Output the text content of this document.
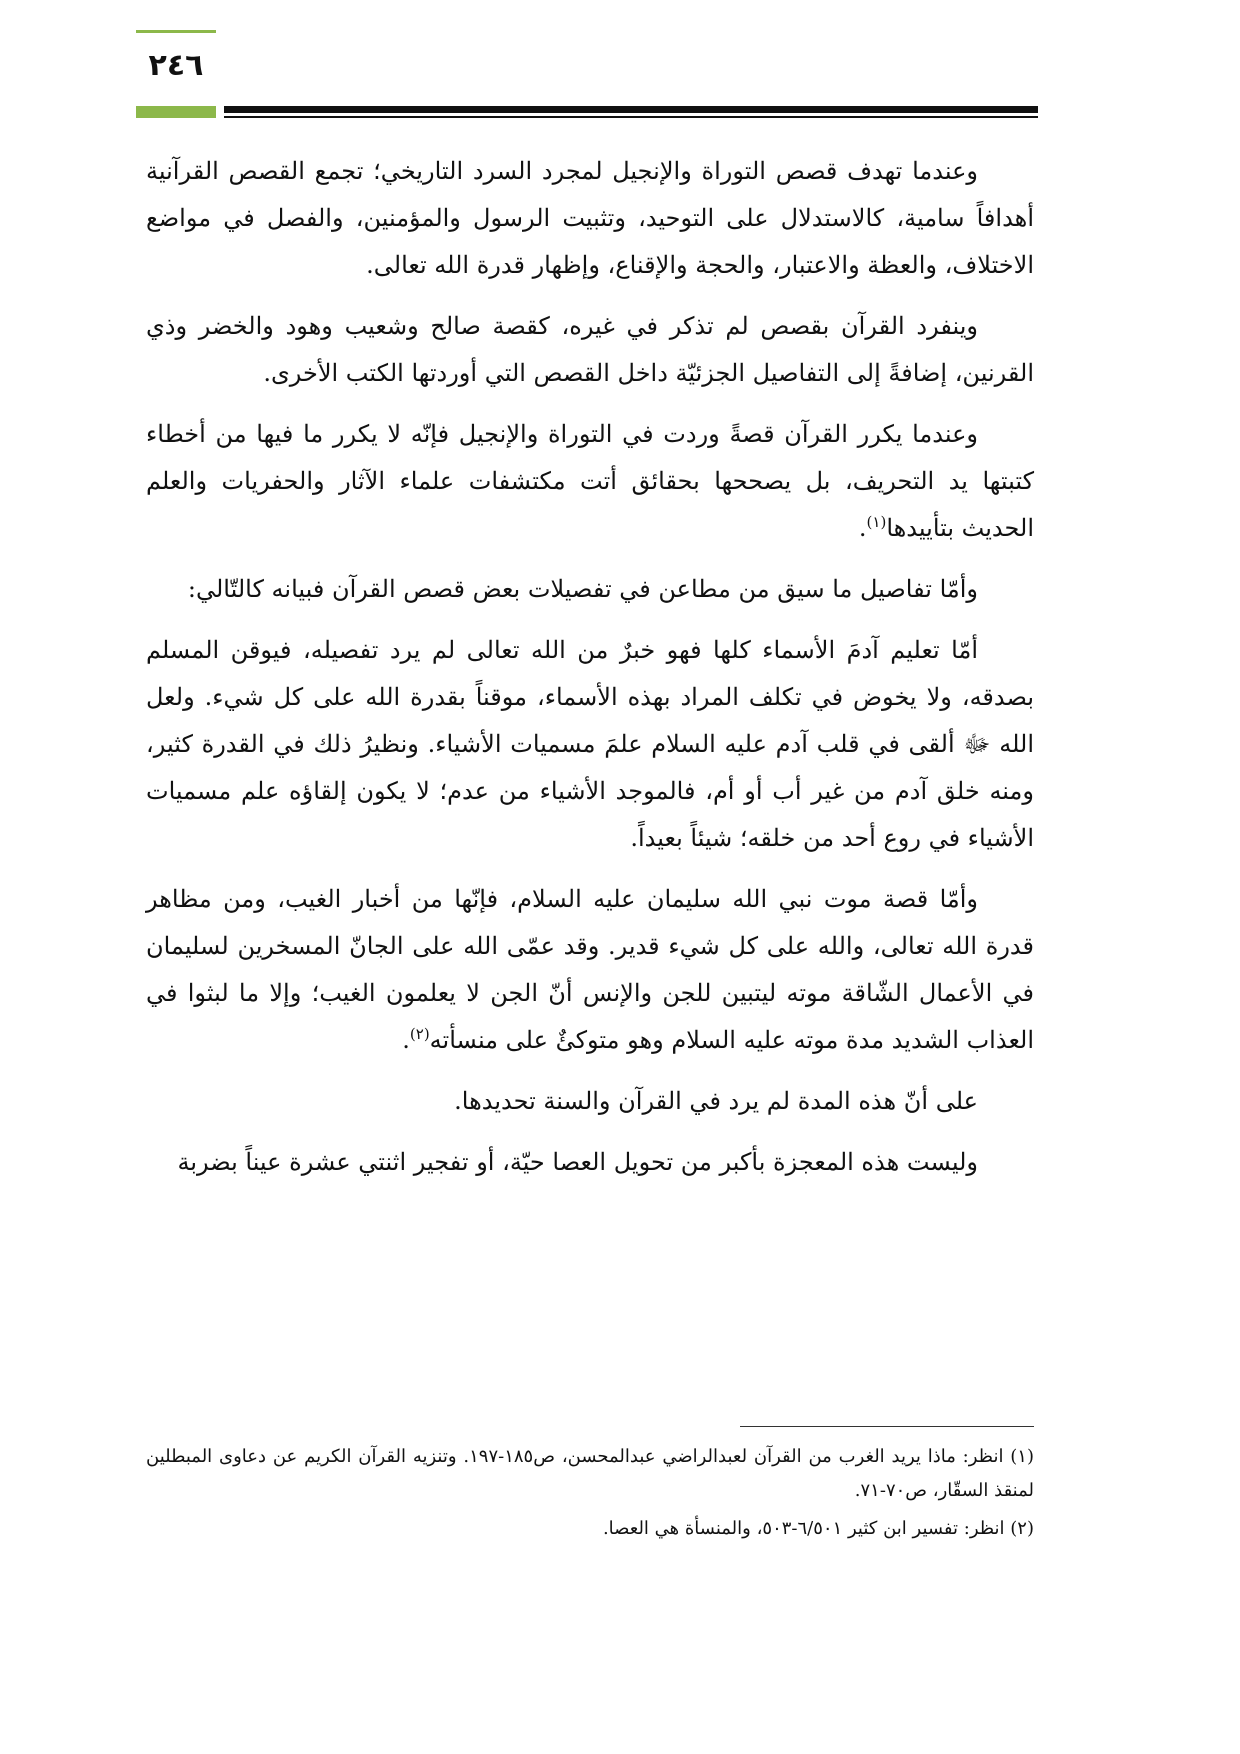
٢٤٦

وعندما تهدف قصص التوراة والإنجيل لمجرد السرد التاريخي؛ تجمع القصص القرآنية أهدافاً سامية، كالاستدلال على التوحيد، وتثبيت الرسول والمؤمنين، والفصل في مواضع الاختلاف، والعظة والاعتبار، والحجة والإقناع، وإظهار قدرة الله تعالى.

وينفرد القرآن بقصص لم تذكر في غيره، كقصة صالح وشعيب وهود والخضر وذي القرنين، إضافةً إلى التفاصيل الجزئيّة داخل القصص التي أوردتها الكتب الأخرى.

وعندما يكرر القرآن قصةً وردت في التوراة والإنجيل فإنّه لا يكرر ما فيها من أخطاء كتبتها يد التحريف، بل يصححها بحقائق أتت مكتشفات علماء الآثار والحفريات والعلم الحديث بتأييدها$^{(١)}$.

وأمّا تفاصيل ما سيق من مطاعن في تفصيلات بعض قصص القرآن فبيانه كالتّالي:

أمّا تعليم آدمَ الأسماء كلها فهو خبرٌ من الله تعالى لم يرد تفصيله، فيوقن المسلم بصدقه، ولا يخوض في تكلف المراد بهذه الأسماء، موقناً بقدرة الله على كل شيء. ولعل الله ﷻ ألقى في قلب آدم عليه السلام علمَ مسميات الأشياء. ونظيرُ ذلك في القدرة كثير، ومنه خلق آدم من غير أب أو أم، فالموجد الأشياء من عدم؛ لا يكون إلقاؤه علم مسميات الأشياء في روع أحد من خلقه؛ شيئاً بعيداً.

وأمّا قصة موت نبي الله سليمان عليه السلام، فإنّها من أخبار الغيب، ومن مظاهر قدرة الله تعالى، والله على كل شيء قدير. وقد عمّى الله على الجانّ المسخرين لسليمان في الأعمال الشّاقة موته ليتبين للجن والإنس أنّ الجن لا يعلمون الغيب؛ وإلا ما لبثوا في العذاب الشديد مدة موته عليه السلام وهو متوكئٌ على منسأته$^{(٢)}$.

على أنّ هذه المدة لم يرد في القرآن والسنة تحديدها.

وليست هذه المعجزة بأكبر من تحويل العصا حيّة، أو تفجير اثنتي عشرة عيناً بضربة

(١) انظر: ماذا يريد الغرب من القرآن لعبدالراضي عبدالمحسن، ص١٨٥-١٩٧. وتنزيه القرآن الكريم عن دعاوى المبطلين لمنقذ السقّار، ص٧٠-٧١.

(٢) انظر: تفسير ابن كثير ٦/٥٠١-٥٠٣، والمنسأة هي العصا.
